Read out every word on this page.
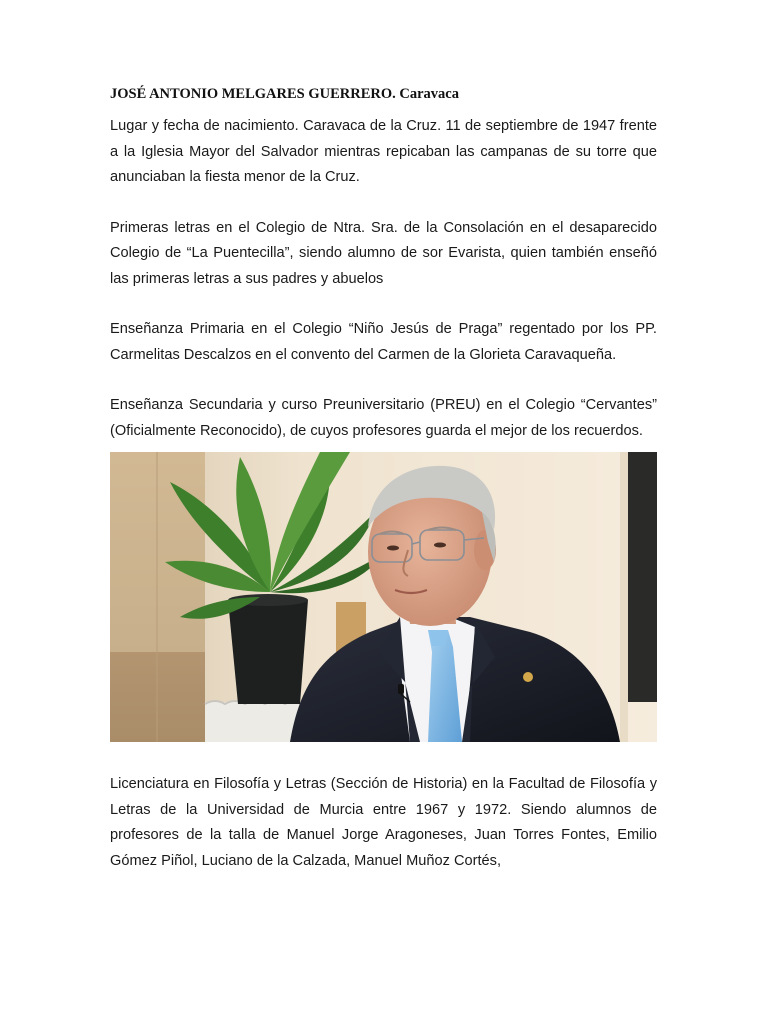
JOSÉ ANTONIO MELGARES GUERRERO. Caravaca

Lugar y fecha de nacimiento. Caravaca de la Cruz. 11 de septiembre de 1947 frente a la Iglesia Mayor del Salvador mientras repicaban las campanas de su torre que anunciaban la fiesta menor de la Cruz.

Primeras letras en el Colegio de Ntra. Sra. de la Consolación en el desaparecido Colegio de “La Puentecilla”, siendo alumno de sor Evarista, quien también enseñó las primeras letras a sus padres y abuelos

Enseñanza Primaria en el Colegio “Niño Jesús de Praga” regentado por los PP. Carmelitas Descalzos en el convento del Carmen de la Glorieta Caravaqueña.

Enseñanza Secundaria y curso Preuniversitario (PREU) en el Colegio “Cervantes” (Oficialmente Reconocido), de cuyos profesores guarda el mejor de los recuerdos.

Licenciatura en Filosofía y Letras (Sección de Historia) en la Facultad de Filosofía y Letras de la Universidad de Murcia entre 1967 y 1972. Siendo alumnos de profesores de la talla de Manuel Jorge Aragoneses, Juan Torres Fontes, Emilio Gómez Piñol, Luciano de la Calzada, Manuel Muñoz Cortés,
